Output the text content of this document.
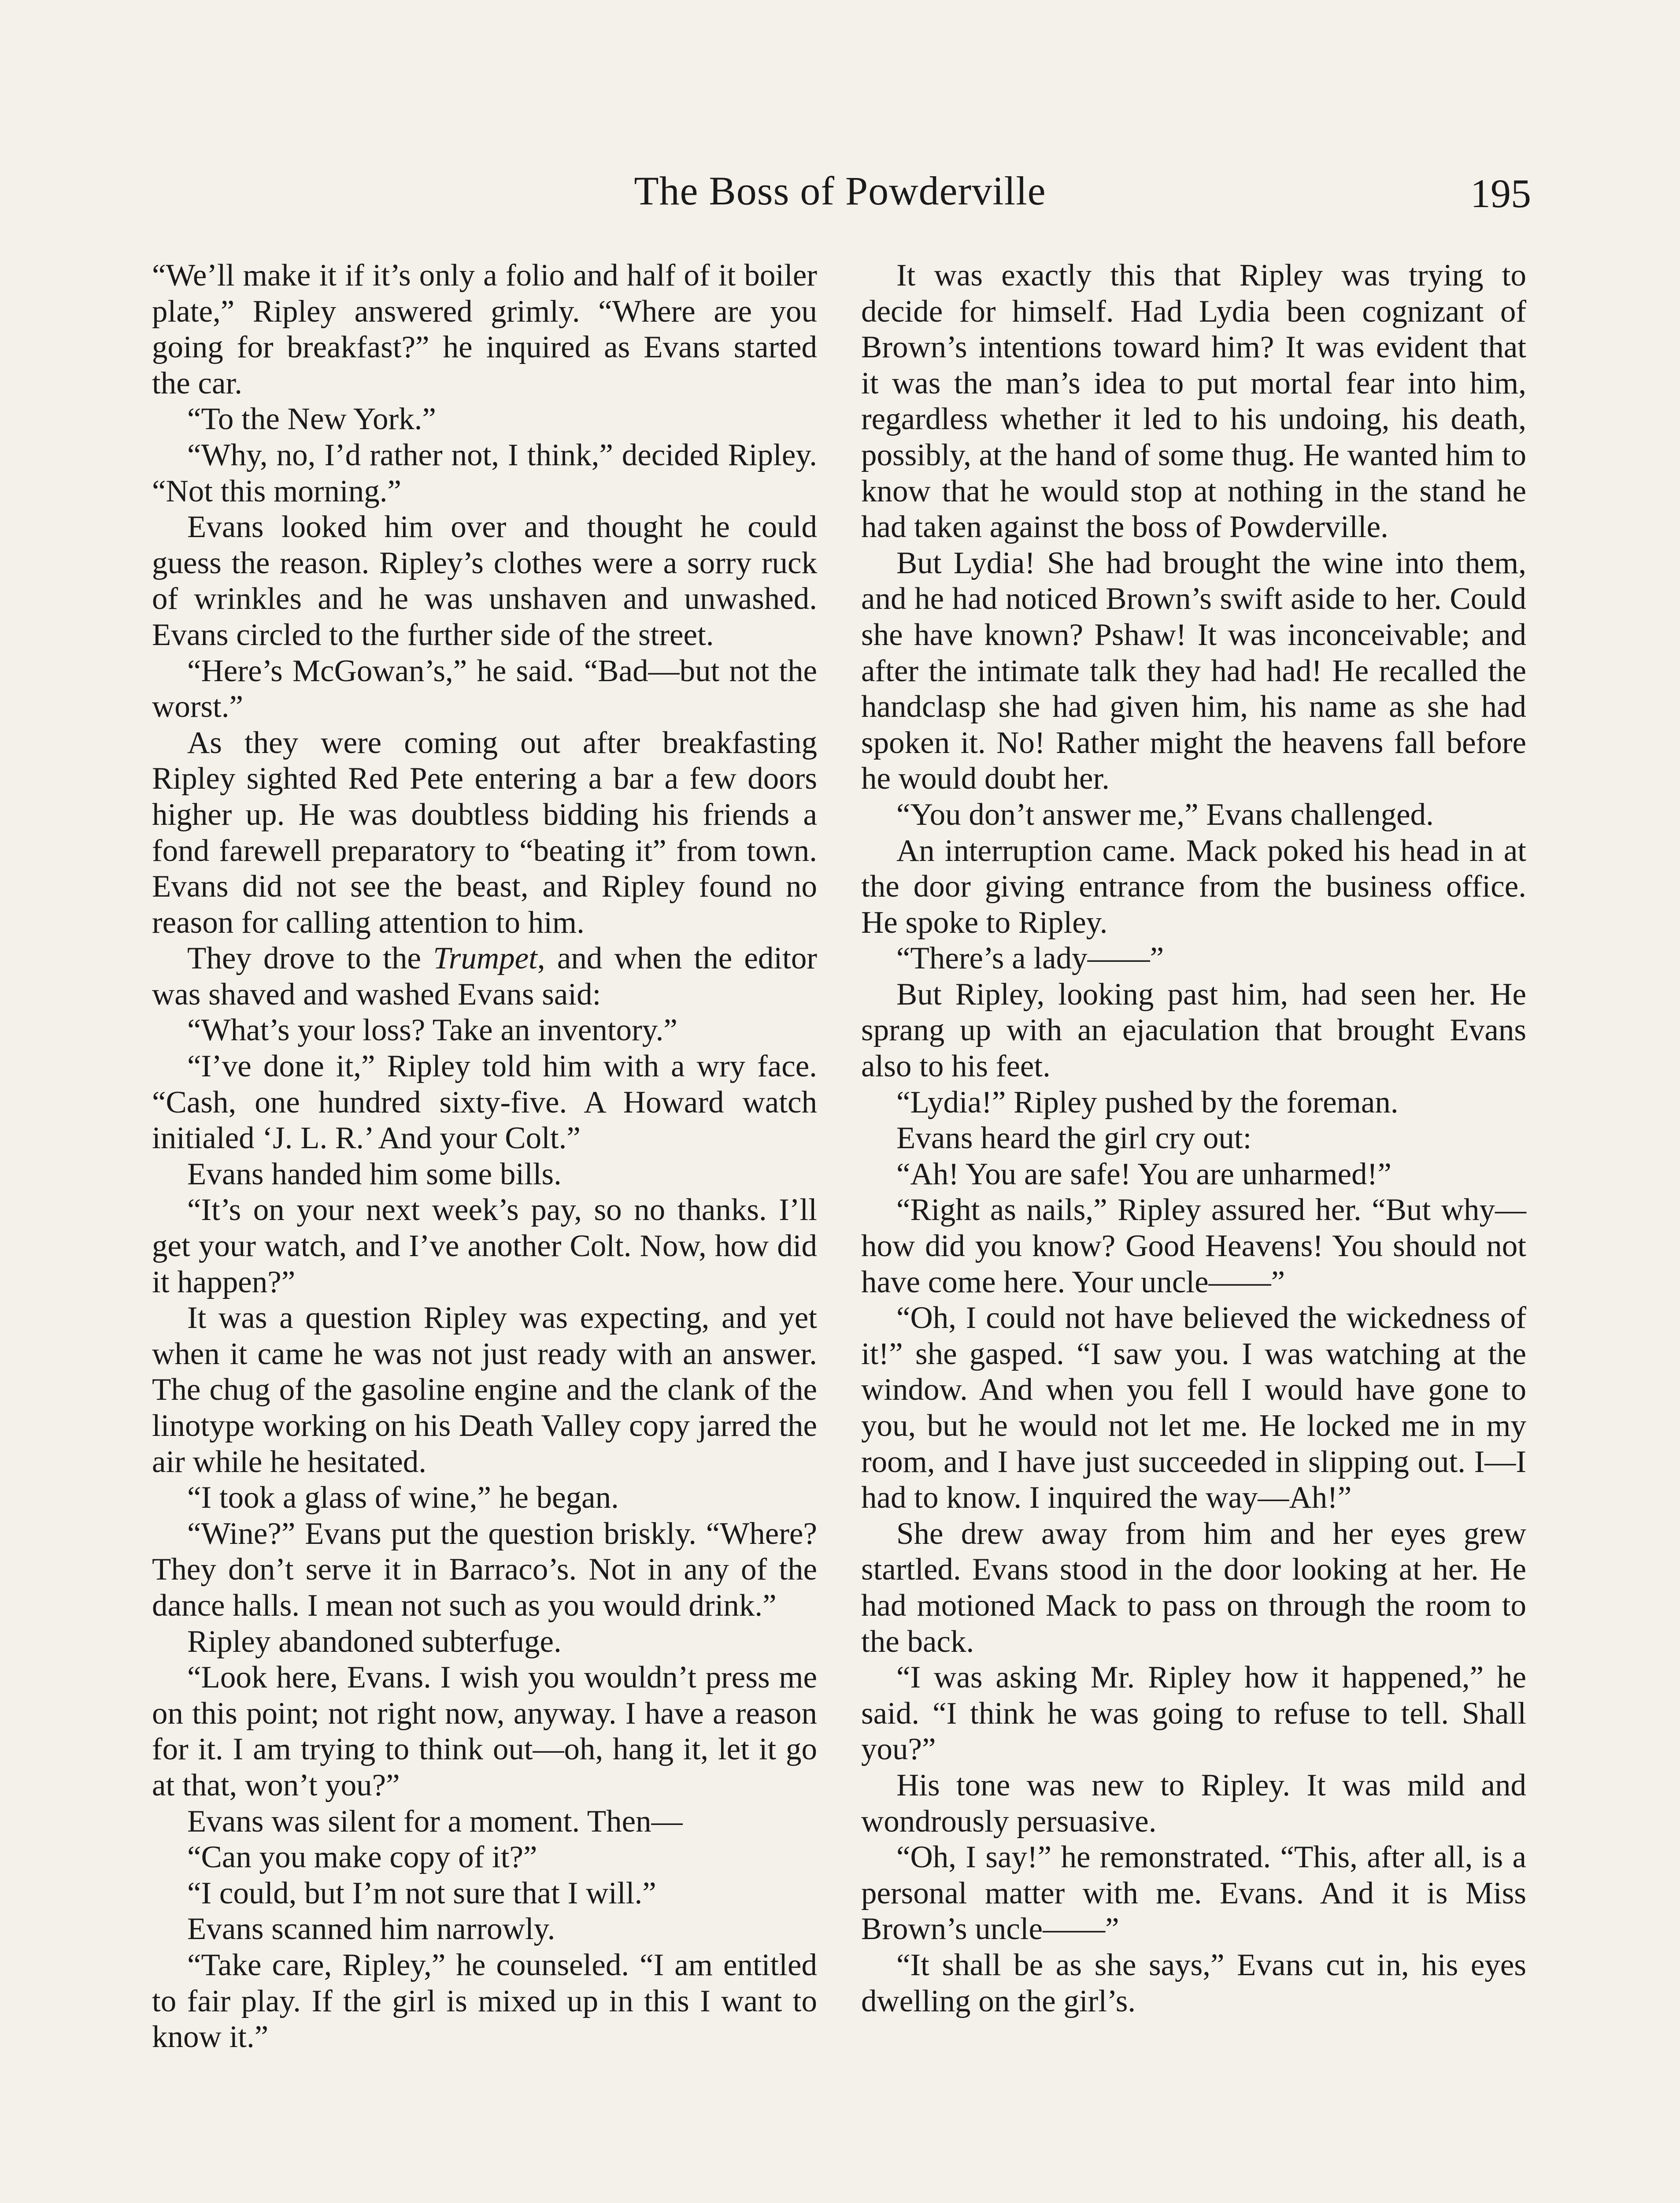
The Boss of Powderville	195

“We’ll make it if it’s only a folio and half of it boiler plate,” Ripley answered grimly. “Where are you going for breakfast?” he inquired as Evans started the car.

“To the New York.”

“Why, no, I’d rather not, I think,” decided Ripley. “Not this morning.”

Evans looked him over and thought he could guess the reason. Ripley’s clothes were a sorry ruck of wrinkles and he was unshaven and unwashed. Evans circled to the further side of the street.

“Here’s McGowan’s,” he said. “Bad—but not the worst.”

As they were coming out after breakfasting Ripley sighted Red Pete entering a bar a few doors higher up. He was doubtless bidding his friends a fond farewell preparatory to “beating it” from town. Evans did not see the beast, and Ripley found no reason for calling attention to him.

They drove to the Trumpet, and when the editor was shaved and washed Evans said:

“What’s your loss? Take an inventory.”

“I’ve done it,” Ripley told him with a wry face. “Cash, one hundred sixty-five. A Howard watch initialed ‘J. L. R.’ And your Colt.”

Evans handed him some bills.

“It’s on your next week’s pay, so no thanks. I’ll get your watch, and I’ve another Colt. Now, how did it happen?”

It was a question Ripley was expecting, and yet when it came he was not just ready with an answer. The chug of the gasoline engine and the clank of the linotype working on his Death Valley copy jarred the air while he hesitated.

“I took a glass of wine,” he began.

“Wine?” Evans put the question briskly. “Where? They don’t serve it in Barraco’s. Not in any of the dance halls. I mean not such as you would drink.”

Ripley abandoned subterfuge.

“Look here, Evans. I wish you wouldn’t press me on this point; not right now, anyway. I have a reason for it. I am trying to think out—oh, hang it, let it go at that, won’t you?”

Evans was silent for a moment. Then—

“Can you make copy of it?”

“I could, but I’m not sure that I will.”

Evans scanned him narrowly.

“Take care, Ripley,” he counseled. “I am entitled to fair play. If the girl is mixed up in this I want to know it.”

It was exactly this that Ripley was trying to decide for himself. Had Lydia been cognizant of Brown’s intentions toward him? It was evident that it was the man’s idea to put mortal fear into him, regardless whether it led to his undoing, his death, possibly, at the hand of some thug. He wanted him to know that he would stop at nothing in the stand he had taken against the boss of Powderville.

But Lydia! She had brought the wine into them, and he had noticed Brown’s swift aside to her. Could she have known? Pshaw! It was inconceivable; and after the intimate talk they had had! He recalled the handclasp she had given him, his name as she had spoken it. No! Rather might the heavens fall before he would doubt her.

“You don’t answer me,” Evans challenged.

An interruption came. Mack poked his head in at the door giving entrance from the business office. He spoke to Ripley.

“There’s a lady——”

But Ripley, looking past him, had seen her. He sprang up with an ejaculation that brought Evans also to his feet.

“Lydia!” Ripley pushed by the foreman.

Evans heard the girl cry out:

“Ah! You are safe! You are unharmed!”

“Right as nails,” Ripley assured her. “But why—how did you know? Good Heavens! You should not have come here. Your uncle——”

“Oh, I could not have believed the wickedness of it!” she gasped. “I saw you. I was watching at the window. And when you fell I would have gone to you, but he would not let me. He locked me in my room, and I have just succeeded in slipping out. I—I had to know. I inquired the way—Ah!”

She drew away from him and her eyes grew startled. Evans stood in the door looking at her. He had motioned Mack to pass on through the room to the back.

“I was asking Mr. Ripley how it happened,” he said. “I think he was going to refuse to tell. Shall you?”

His tone was new to Ripley. It was mild and wondrously persuasive.

“Oh, I say!” he remonstrated. “This, after all, is a personal matter with me. Evans. And it is Miss Brown’s uncle——”

“It shall be as she says,” Evans cut in, his eyes dwelling on the girl’s.
